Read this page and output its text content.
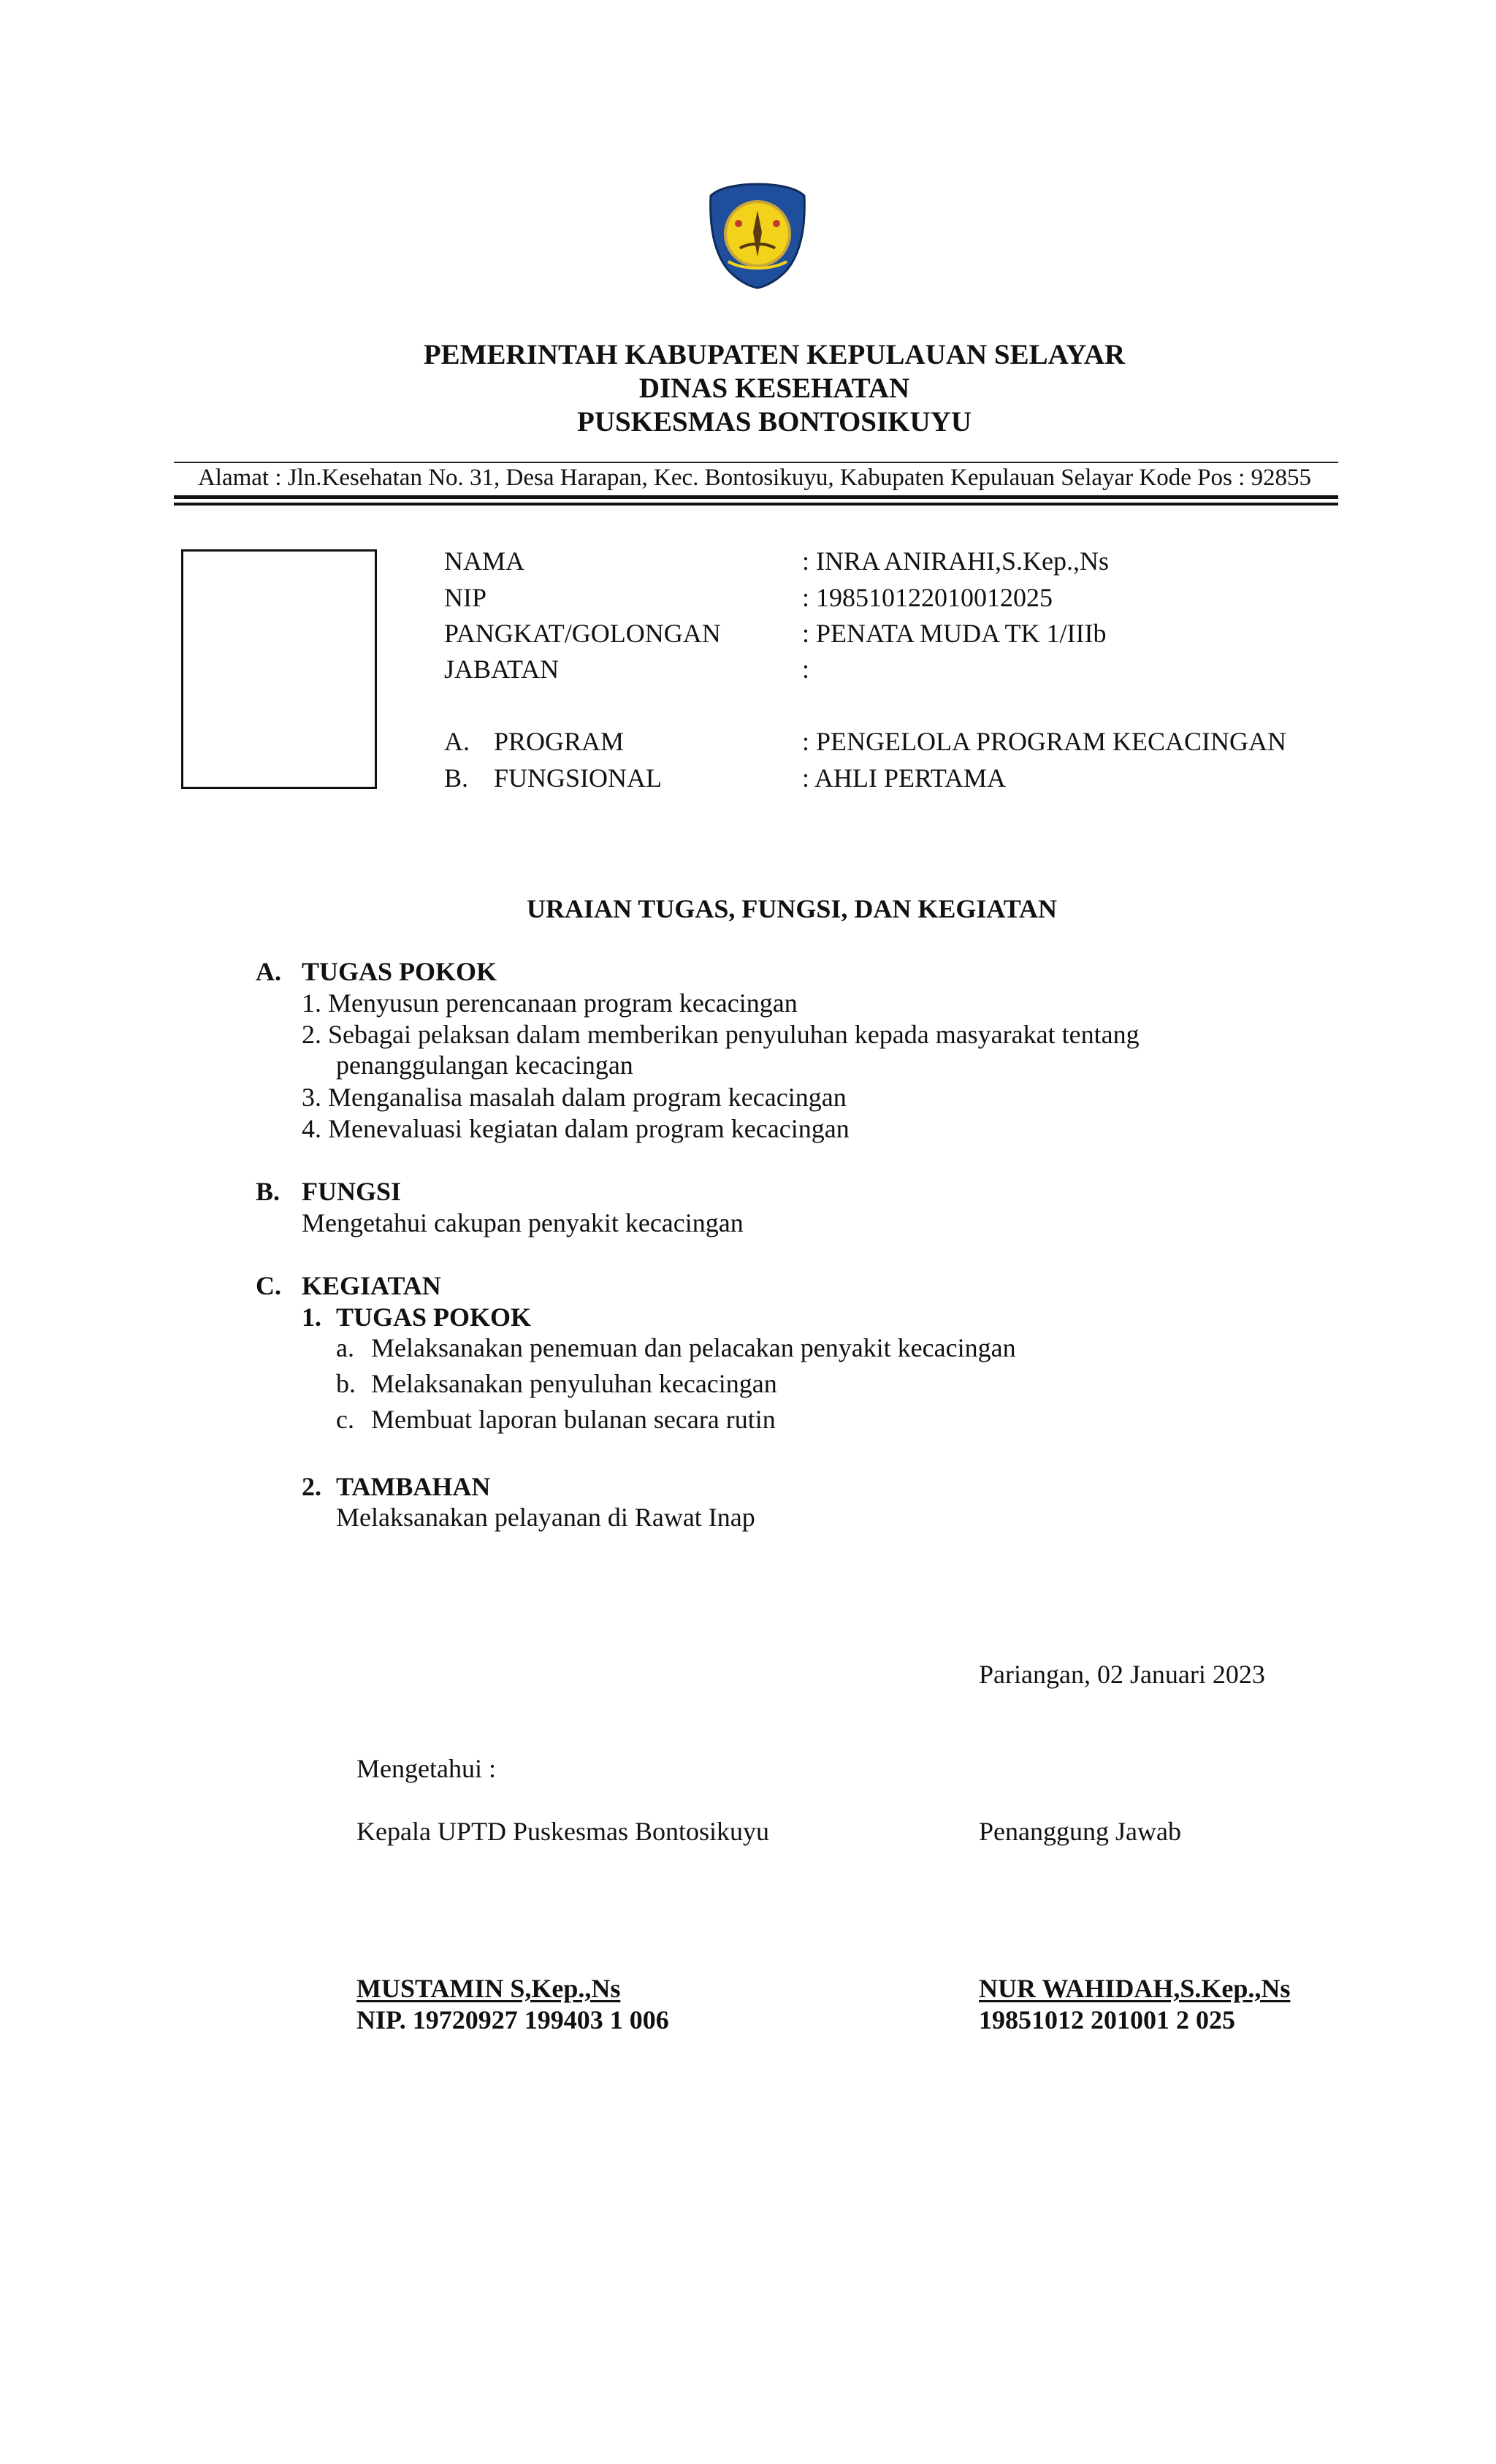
PEMERINTAH KABUPATEN KEPULAUAN SELAYAR
DINAS KESEHATAN
PUSKESMAS BONTOSIKUYU
Alamat : Jln.Kesehatan No. 31, Desa Harapan, Kec. Bontosikuyu, Kabupaten Kepulauan Selayar Kode Pos : 92855
NAMA	: INRA ANIRAHI,S.Kep.,Ns
NIP	: 198510122010012025
PANGKAT/GOLONGAN	: PENATA MUDA TK 1/IIIb
JABATAN	:
A. PROGRAM	: PENGELOLA PROGRAM KECACINGAN
B. FUNGSIONAL	: AHLI PERTAMA
URAIAN TUGAS, FUNGSI, DAN KEGIATAN
A. TUGAS POKOK
1. Menyusun perencanaan program kecacingan
2. Sebagai pelaksan dalam memberikan penyuluhan kepada masyarakat tentang
penanggulangan kecacingan
3. Menganalisa masalah dalam program kecacingan
4. Menevaluasi kegiatan dalam program kecacingan
B. FUNGSI
Mengetahui cakupan penyakit kecacingan
C. KEGIATAN
1. TUGAS POKOK
a. Melaksanakan penemuan dan pelacakan penyakit kecacingan
b. Melaksanakan penyuluhan kecacingan
c. Membuat laporan bulanan secara rutin
2. TAMBAHAN
Melaksanakan pelayanan di Rawat Inap
Pariangan, 02 Januari 2023
Mengetahui :
Kepala UPTD Puskesmas Bontosikuyu	Penanggung Jawab
MUSTAMIN S,Kep.,Ns
NIP. 19720927 199403 1 006
NUR WAHIDAH,S.Kep.,Ns
19851012 201001 2 025
